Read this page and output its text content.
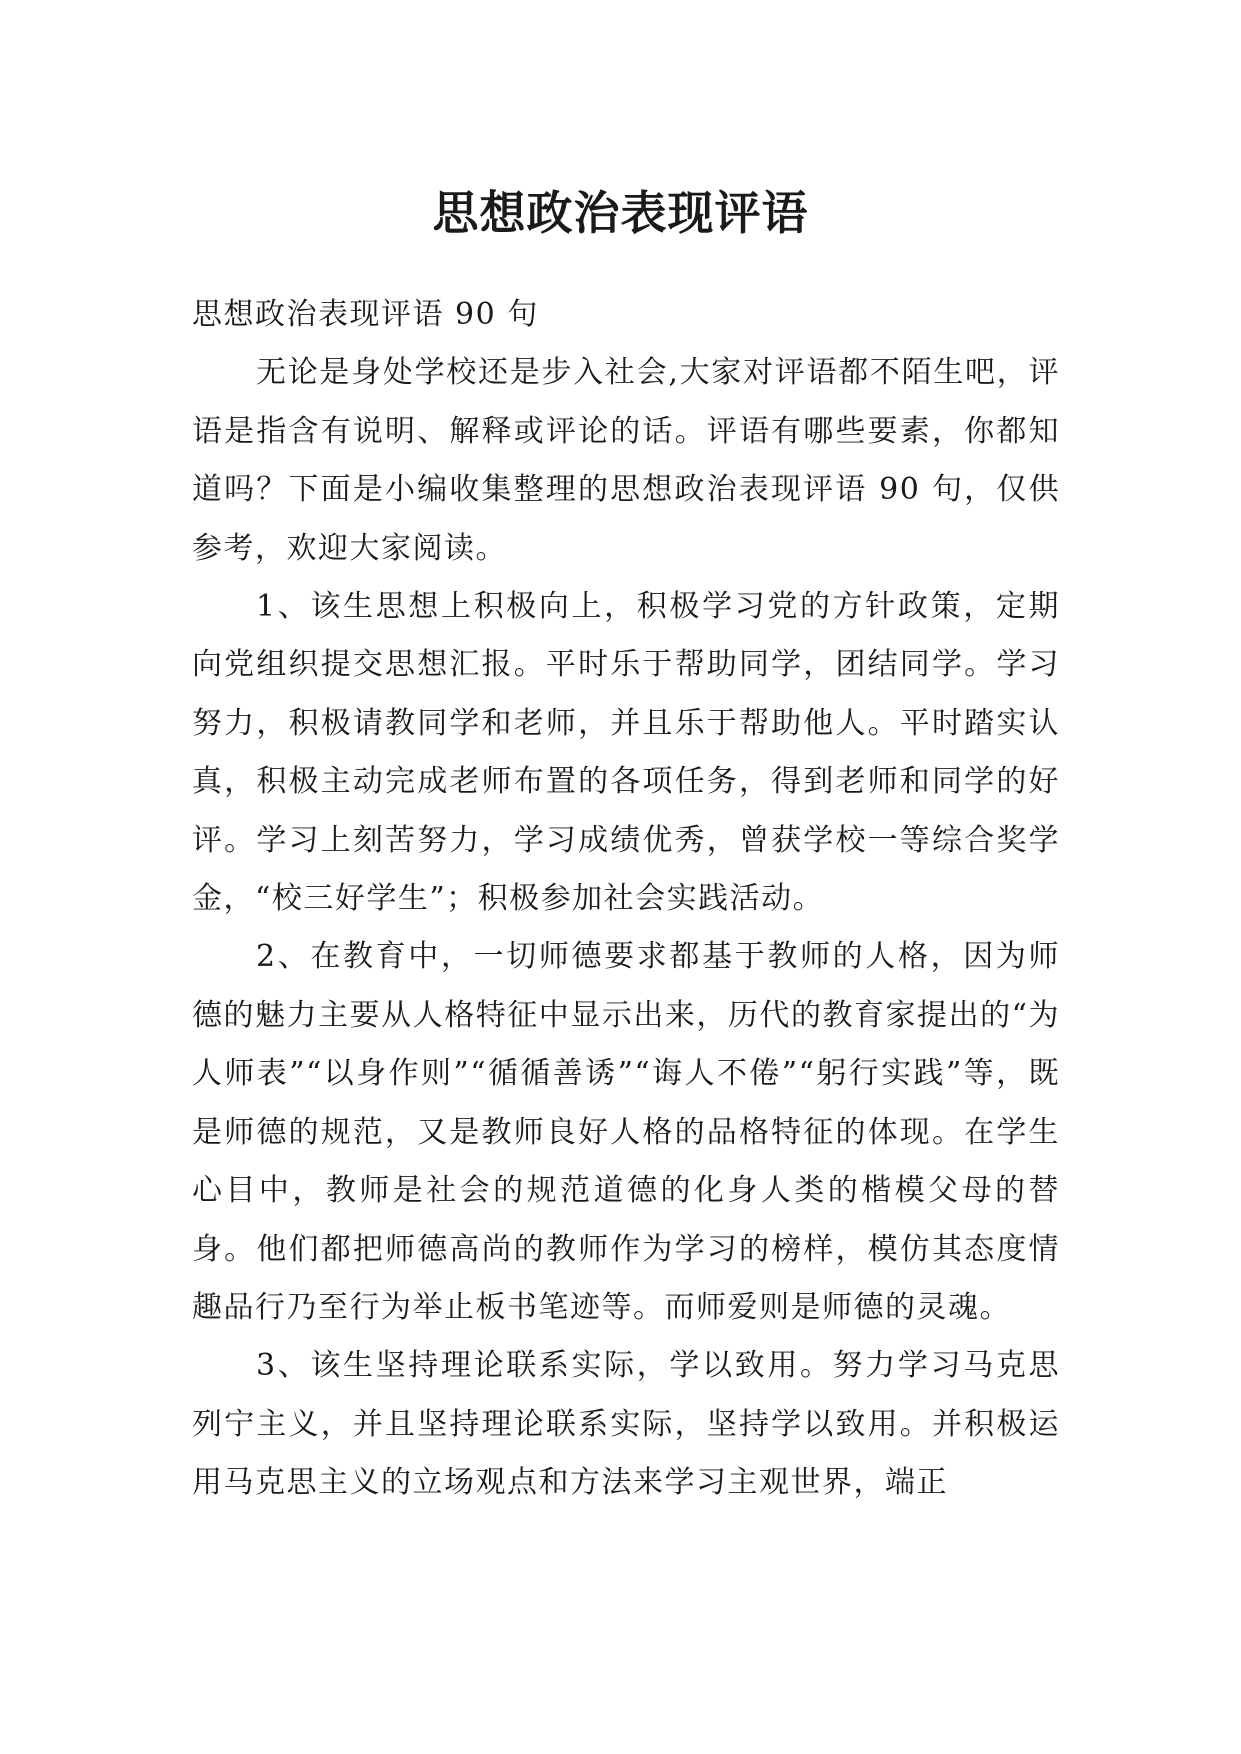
思想政治表现评语

思想政治表现评语 90 句

无论是身处学校还是步入社会,大家对评语都不陌生吧，评语是指含有说明、解释或评论的话。评语有哪些要素，你都知道吗？下面是小编收集整理的思想政治表现评语 90 句，仅供参考，欢迎大家阅读。

1、该生思想上积极向上，积极学习党的方针政策，定期向党组织提交思想汇报。平时乐于帮助同学，团结同学。学习努力，积极请教同学和老师，并且乐于帮助他人。平时踏实认真，积极主动完成老师布置的各项任务，得到老师和同学的好评。学习上刻苦努力，学习成绩优秀，曾获学校一等综合奖学金，“校三好学生”；积极参加社会实践活动。

2、在教育中，一切师德要求都基于教师的人格，因为师德的魅力主要从人格特征中显示出来，历代的教育家提出的“为人师表”“以身作则”“循循善诱”“诲人不倦”“躬行实践”等，既是师德的规范，又是教师良好人格的品格特征的体现。在学生心目中，教师是社会的规范道德的化身人类的楷模父母的替身。他们都把师德高尚的教师作为学习的榜样，模仿其态度情趣品行乃至行为举止板书笔迹等。而师爱则是师德的灵魂。

3、该生坚持理论联系实际，学以致用。努力学习马克思列宁主义，并且坚持理论联系实际，坚持学以致用。并积极运用马克思主义的立场观点和方法来学习主观世界，端正
